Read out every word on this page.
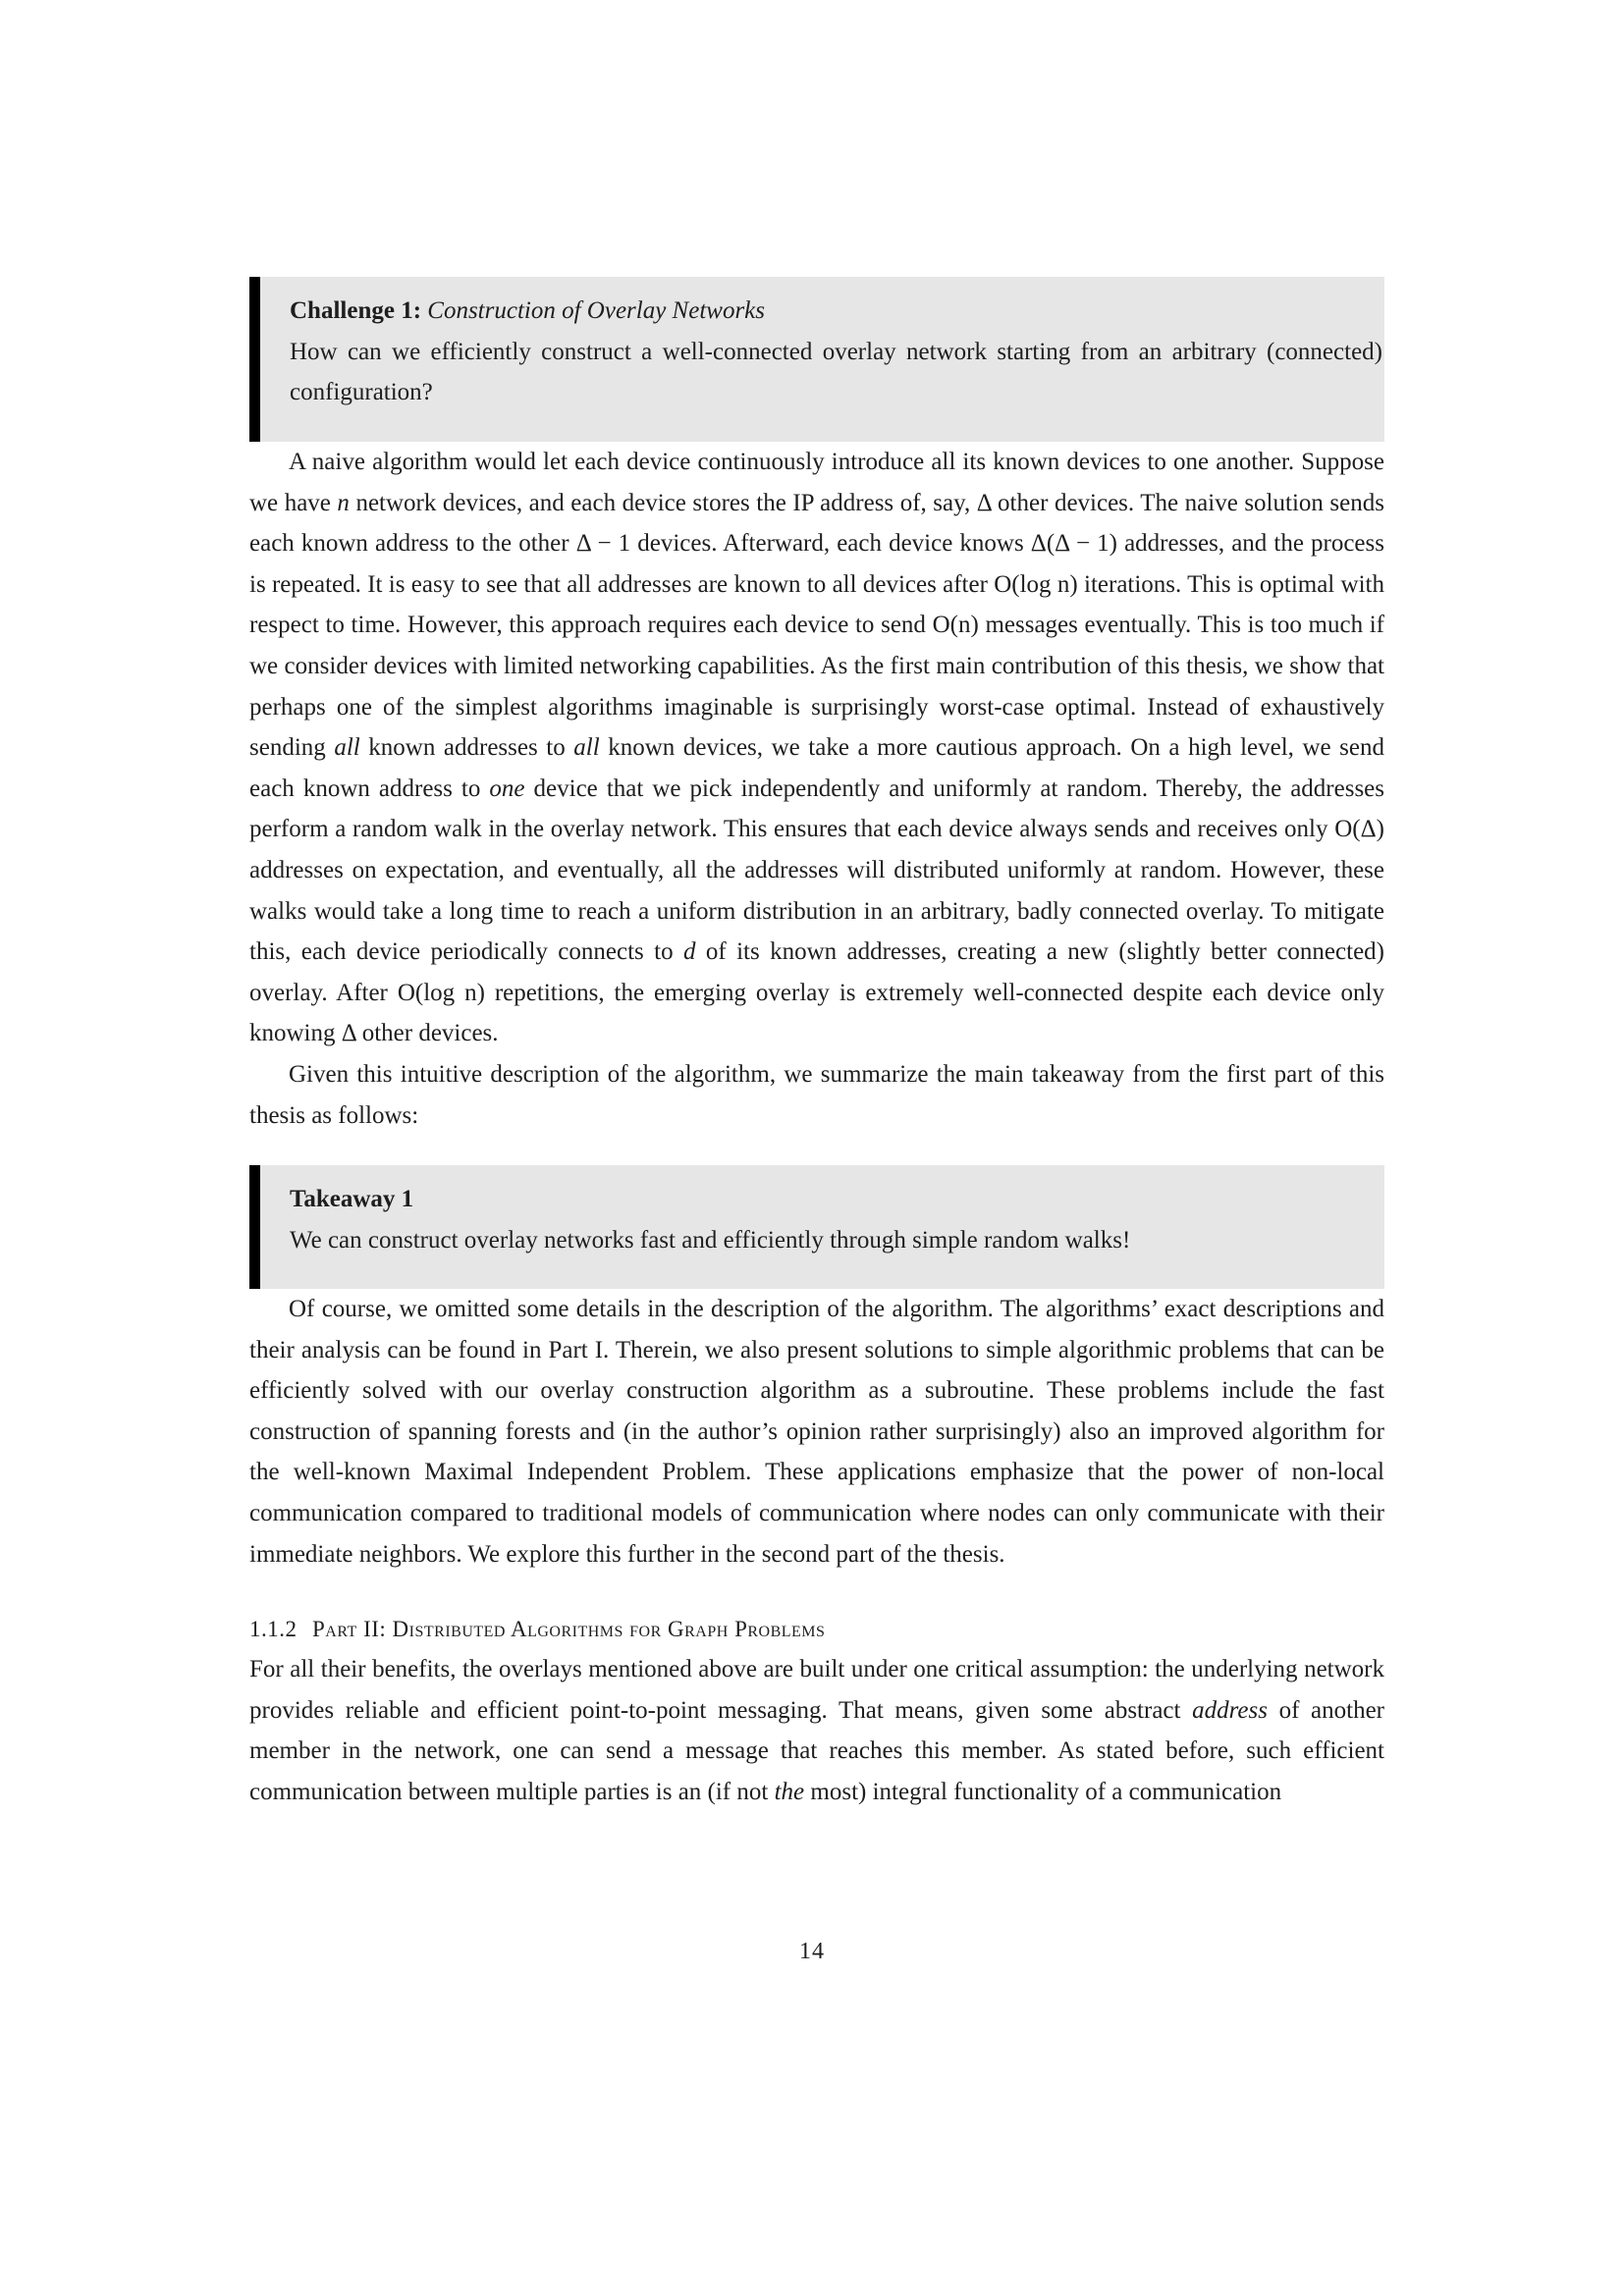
Challenge 1: Construction of Overlay Networks
How can we efficiently construct a well-connected overlay network starting from an arbitrary (connected) configuration?

A naive algorithm would let each device continuously introduce all its known devices to one another. Suppose we have n network devices, and each device stores the IP address of, say, Δ other devices. The naive solution sends each known address to the other Δ − 1 devices. Afterward, each device knows Δ(Δ − 1) addresses, and the process is repeated. It is easy to see that all addresses are known to all devices after O(log n) iterations. This is optimal with respect to time. However, this approach requires each device to send O(n) messages eventually. This is too much if we consider devices with limited networking capabilities. As the first main contribution of this thesis, we show that perhaps one of the simplest algorithms imaginable is surprisingly worst-case optimal. Instead of exhaustively sending all known addresses to all known devices, we take a more cautious approach. On a high level, we send each known address to one device that we pick independently and uniformly at random. Thereby, the addresses perform a random walk in the overlay network. This ensures that each device always sends and receives only O(Δ) addresses on expectation, and eventually, all the addresses will distributed uniformly at random. However, these walks would take a long time to reach a uniform distribution in an arbitrary, badly connected overlay. To mitigate this, each device periodically connects to d of its known addresses, creating a new (slightly better connected) overlay. After O(log n) repetitions, the emerging overlay is extremely well-connected despite each device only knowing Δ other devices.

Given this intuitive description of the algorithm, we summarize the main takeaway from the first part of this thesis as follows:

Takeaway 1
We can construct overlay networks fast and efficiently through simple random walks!

Of course, we omitted some details in the description of the algorithm. The algorithms’ exact descriptions and their analysis can be found in Part I. Therein, we also present solutions to simple algorithmic problems that can be efficiently solved with our overlay construction algorithm as a subroutine. These problems include the fast construction of spanning forests and (in the author’s opinion rather surprisingly) also an improved algorithm for the well-known Maximal Independent Problem. These applications emphasize that the power of non-local communication compared to traditional models of communication where nodes can only communicate with their immediate neighbors. We explore this further in the second part of the thesis.

1.1.2 Part II: Distributed Algorithms for Graph Problems

For all their benefits, the overlays mentioned above are built under one critical assumption: the underlying network provides reliable and efficient point-to-point messaging. That means, given some abstract address of another member in the network, one can send a message that reaches this member. As stated before, such efficient communication between multiple parties is an (if not the most) integral functionality of a communication

14
